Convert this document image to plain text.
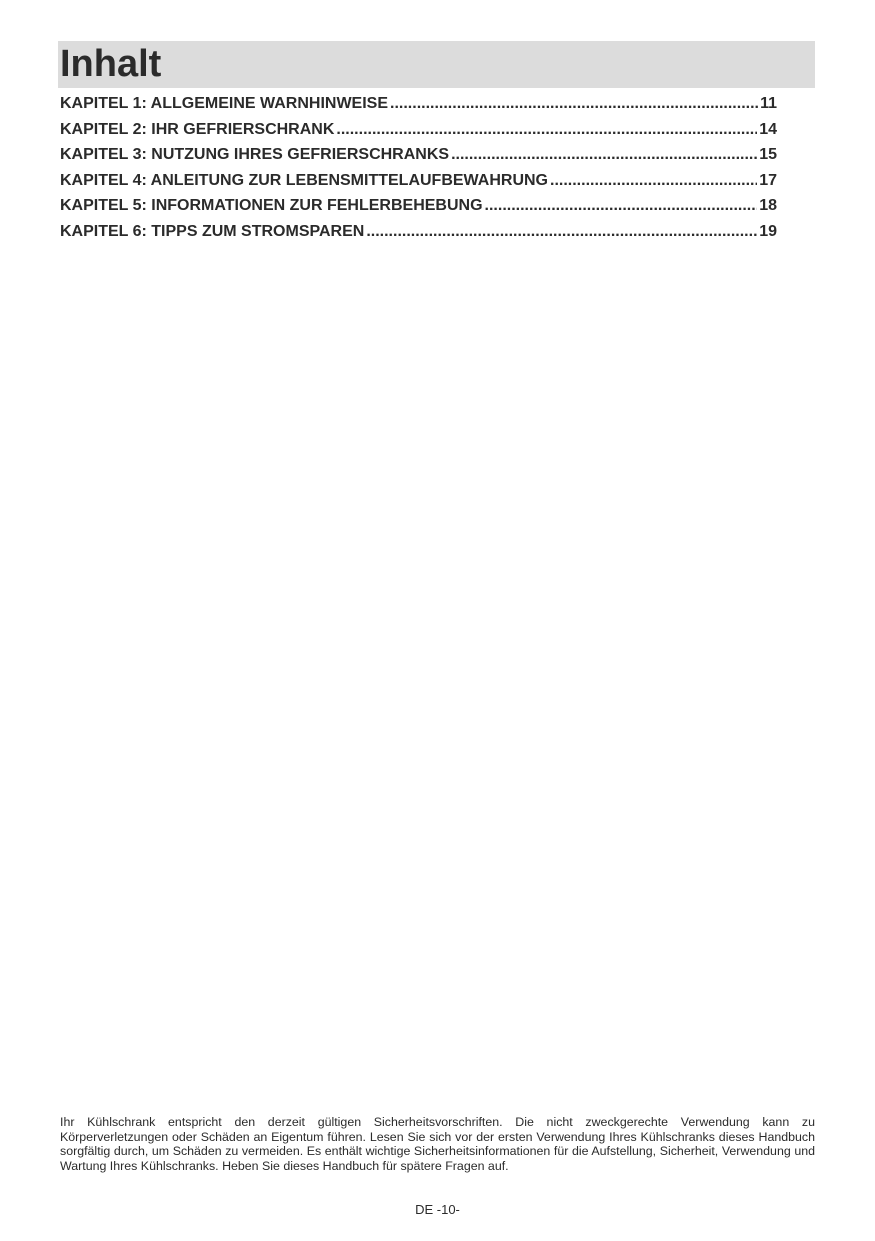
Inhalt
KAPITEL 1: ALLGEMEINE WARNHINWEISE .....	11
KAPITEL 2: IHR GEFRIERSCHRANK .....	14
KAPITEL 3: NUTZUNG IHRES GEFRIERSCHRANKS .....	15
KAPITEL 4: ANLEITUNG ZUR LEBENSMITTELAUFBEWAHRUNG .....	17
KAPITEL 5: INFORMATIONEN ZUR FEHLERBEHEBUNG .....	18
KAPITEL 6: TIPPS ZUM STROMSPAREN .....	19

Ihr Kühlschrank entspricht den derzeit gültigen Sicherheitsvorschriften. Die nicht zweckgerechte Verwendung kann zu Körperverletzungen oder Schäden an Eigentum führen. Lesen Sie sich vor der ersten Verwendung Ihres Kühlschranks dieses Handbuch sorgfältig durch, um Schäden zu vermeiden. Es enthält wichtige Sicherheitsinformationen für die Aufstellung, Sicherheit, Verwendung und Wartung Ihres Kühlschranks. Heben Sie dieses Handbuch für spätere Fragen auf.

DE -10-
